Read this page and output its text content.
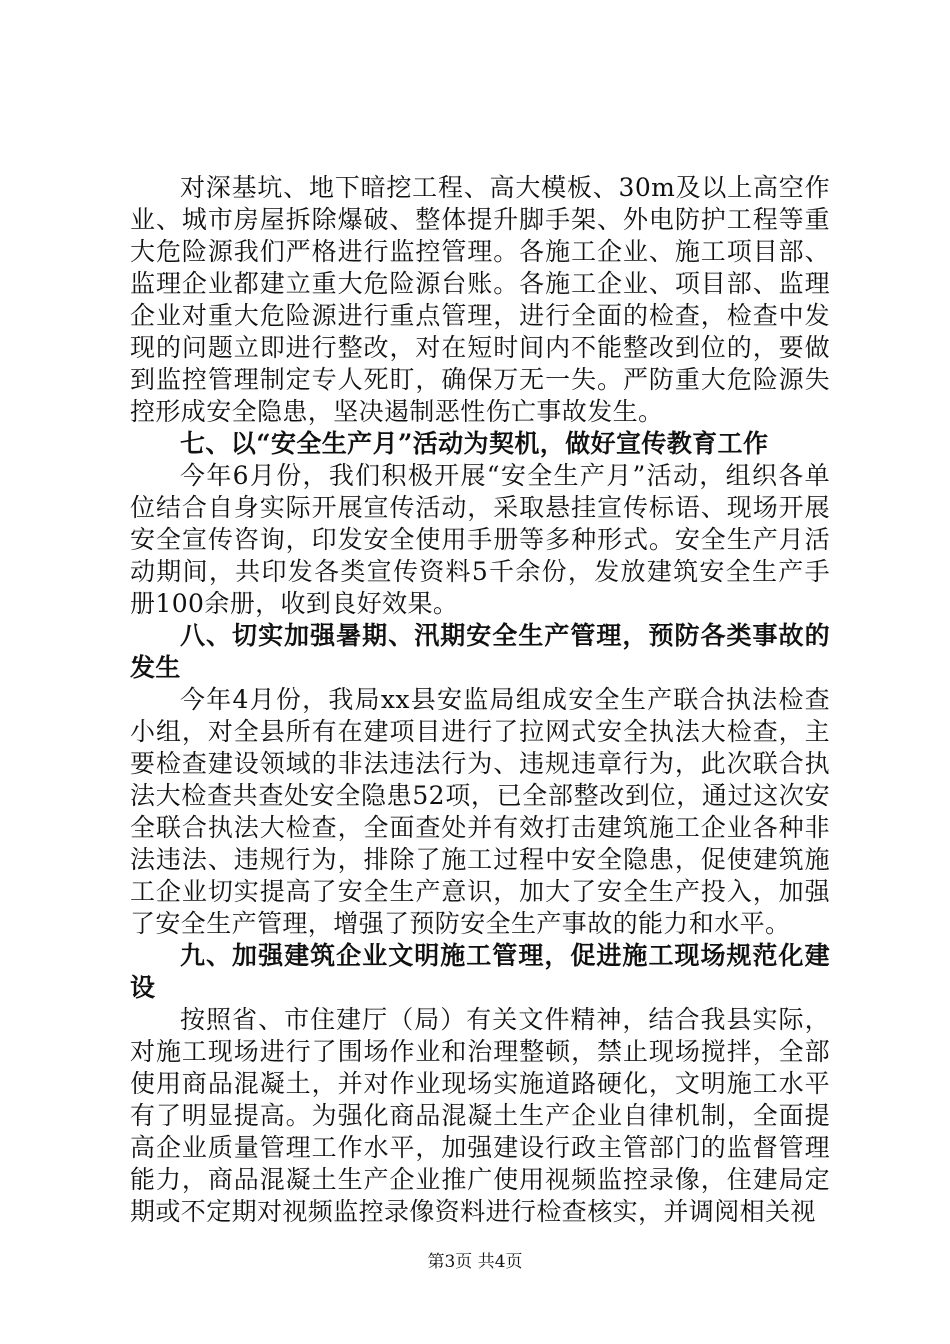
对深基坑、地下暗挖工程、高大模板、30m及以上高空作业、城市房屋拆除爆破、整体提升脚手架、外电防护工程等重大危险源我们严格进行监控管理。各施工企业、施工项目部、监理企业都建立重大危险源台账。各施工企业、项目部、监理企业对重大危险源进行重点管理，进行全面的检查，检查中发现的问题立即进行整改，对在短时间内不能整改到位的，要做到监控管理制定专人死盯，确保万无一失。严防重大危险源失控形成安全隐患，坚决遏制恶性伤亡事故发生。

七、以“安全生产月”活动为契机，做好宣传教育工作

今年6月份，我们积极开展“安全生产月”活动，组织各单位结合自身实际开展宣传活动，采取悬挂宣传标语、现场开展安全宣传咨询，印发安全使用手册等多种形式。安全生产月活动期间，共印发各类宣传资料5千余份，发放建筑安全生产手册100余册，收到良好效果。

八、切实加强暑期、汛期安全生产管理，预防各类事故的发生

今年4月份，我局xx县安监局组成安全生产联合执法检查小组，对全县所有在建项目进行了拉网式安全执法大检查，主要检查建设领域的非法违法行为、违规违章行为，此次联合执法大检查共查处安全隐患52项，已全部整改到位，通过这次安全联合执法大检查，全面查处并有效打击建筑施工企业各种非法违法、违规行为，排除了施工过程中安全隐患，促使建筑施工企业切实提高了安全生产意识，加大了安全生产投入，加强了安全生产管理，增强了预防安全生产事故的能力和水平。

九、加强建筑企业文明施工管理，促进施工现场规范化建设

按照省、市住建厅（局）有关文件精神，结合我县实际，对施工现场进行了围场作业和治理整顿，禁止现场搅拌，全部使用商品混凝土，并对作业现场实施道路硬化，文明施工水平有了明显提高。为强化商品混凝土生产企业自律机制，全面提高企业质量管理工作水平，加强建设行政主管部门的监督管理能力，商品混凝土生产企业推广使用视频监控录像，住建局定期或不定期对视频监控录像资料进行检查核实，并调阅相关视

第3页 共4页
